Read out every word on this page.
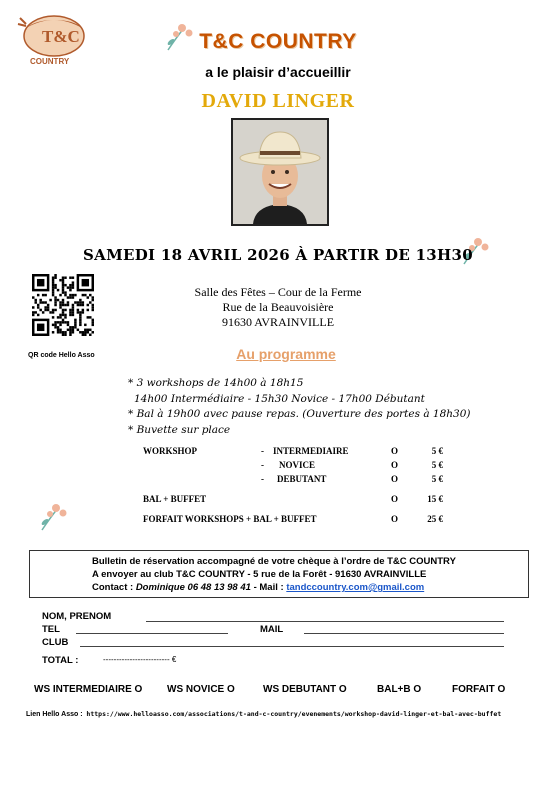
T&C
COUNTRY
T&C COUNTRY
a le plaisir d’accueillir
DAVID LINGER
SAMEDI 18 AVRIL 2026 À PARTIR DE 13H30
QR code Hello Asso
Salle des Fêtes – Cour de la Ferme
Rue de la Beauvoisière
91630 AVRAINVILLE
Au programme
* 3 workshops de 14h00 à 18h15
14h00 Intermédiaire - 15h30 Novice - 17h00 Débutant
* Bal à 19h00 avec pause repas. (Ouverture des portes à 18h30)
* Buvette sur place
WORKSHOP	- INTERMEDIAIRE	O	5 €
- NOVICE	O	5 €
- DEBUTANT	O	5 €
BAL + BUFFET	O	15 €
FORFAIT WORKSHOPS + BAL + BUFFET	O	25 €
Bulletin de réservation accompagné de votre chèque à l’ordre de T&C COUNTRY
A envoyer au club T&C COUNTRY - 5 rue de la Forêt - 91630 AVRAINVILLE
Contact : Dominique 06 48 13 98 41 - Mail : tandccountry.com@gmail.com
NOM, PRENOM
TEL	MAIL
CLUB
TOTAL :	------------------------- €
WS INTERMEDIAIRE O WS NOVICE O	WS DEBUTANT O	BAL+B O	FORFAIT O
Lien Hello Asso : https://www.helloasso.com/associations/t-and-c-country/evenements/workshop-david-linger-et-bal-avec-buffet
